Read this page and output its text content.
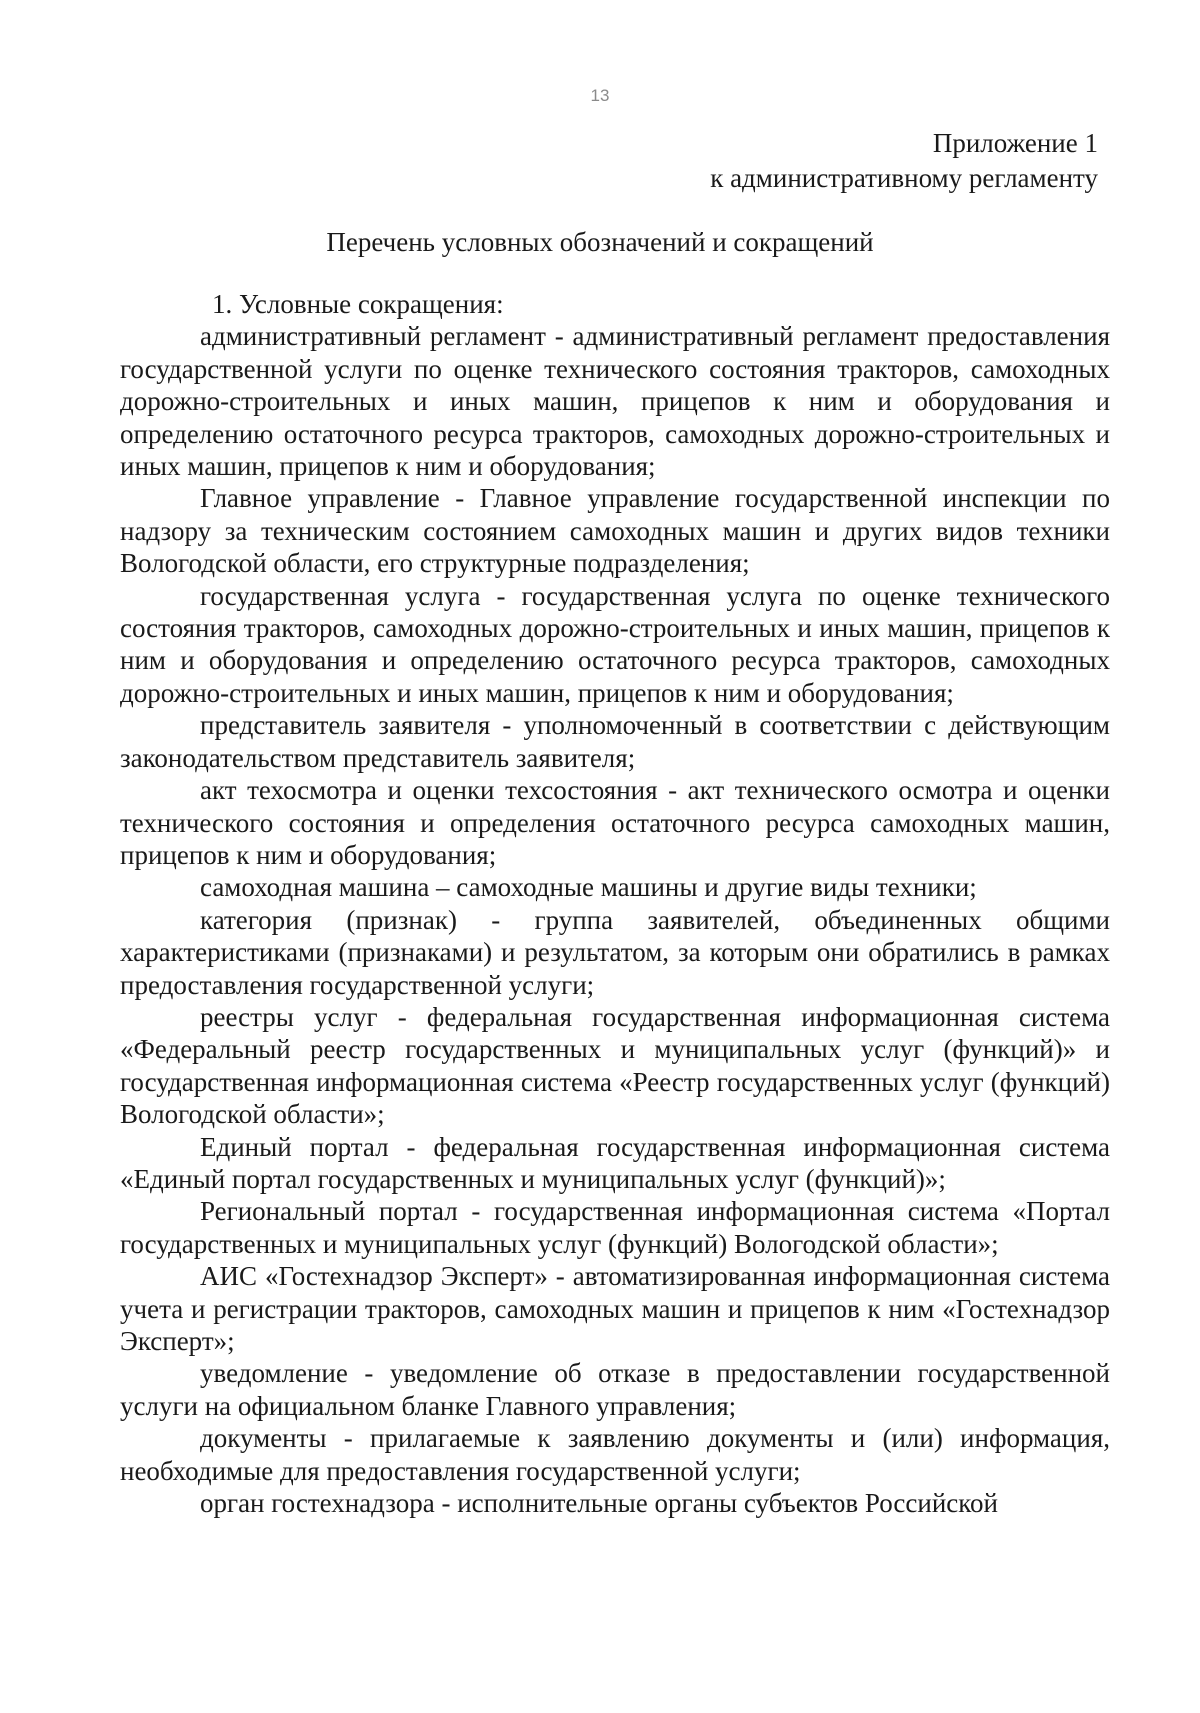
13
Приложение 1
к административному регламенту
Перечень условных обозначений и сокращений

1. Условные сокращения:

административный регламент - административный регламент предоставления государственной услуги по оценке технического состояния тракторов, самоходных дорожно-строительных и иных машин, прицепов к ним и оборудования и определению остаточного ресурса тракторов, самоходных дорожно-строительных и иных машин, прицепов к ним и оборудования;

Главное управление - Главное управление государственной инспекции по надзору за техническим состоянием самоходных машин и других видов техники Вологодской области, его структурные подразделения;

государственная услуга - государственная услуга по оценке технического состояния тракторов, самоходных дорожно-строительных и иных машин, прицепов к ним и оборудования и определению остаточного ресурса тракторов, самоходных дорожно-строительных и иных машин, прицепов к ним и оборудования;

представитель заявителя - уполномоченный в соответствии с действующим законодательством представитель заявителя;

акт техосмотра и оценки техсостояния - акт технического осмотра и оценки технического состояния и определения остаточного ресурса самоходных машин, прицепов к ним и оборудования;

самоходная машина – самоходные машины и другие виды техники;

категория (признак) - группа заявителей, объединенных общими характеристиками (признаками) и результатом, за которым они обратились в рамках предоставления государственной услуги;

реестры услуг - федеральная государственная информационная система «Федеральный реестр государственных и муниципальных услуг (функций)» и государственная информационная система «Реестр государственных услуг (функций) Вологодской области»;

Единый портал - федеральная государственная информационная система «Единый портал государственных и муниципальных услуг (функций)»;

Региональный портал - государственная информационная система «Портал государственных и муниципальных услуг (функций) Вологодской области»;

АИС «Гостехнадзор Эксперт» - автоматизированная информационная система учета и регистрации тракторов, самоходных машин и прицепов к ним «Гостехнадзор Эксперт»;

уведомление - уведомление об отказе в предоставлении государственной услуги на официальном бланке Главного управления;

документы - прилагаемые к заявлению документы и (или) информация, необходимые для предоставления государственной услуги;

орган гостехнадзора - исполнительные органы субъектов Российской
